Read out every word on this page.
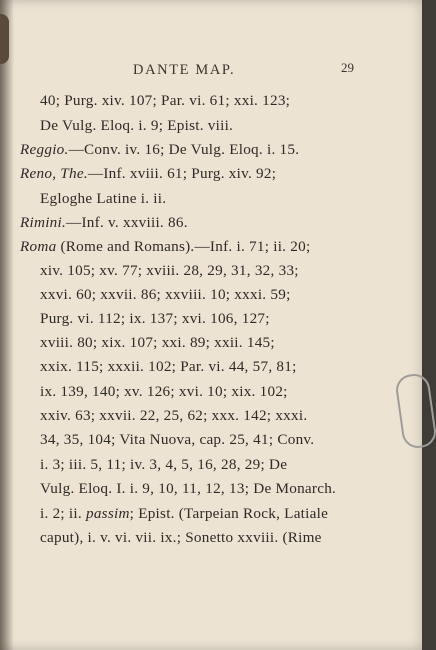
DANTE MAP.	29
40; Purg. xiv. 107; Par. vi. 61; xxi. 123;
De Vulg. Eloq. i. 9; Epist. viii.
Reggio.—Conv. iv. 16; De Vulg. Eloq. i. 15.
Reno, The.—Inf. xviii. 61; Purg. xiv. 92;
Egloghe Latine i. ii.
Rimini.—Inf. v. xxviii. 86.
Roma (Rome and Romans).—Inf. i. 71; ii. 20;
xiv. 105; xv. 77; xviii. 28, 29, 31, 32, 33;
xxvi. 60; xxvii. 86; xxviii. 10; xxxi. 59;
Purg. vi. 112; ix. 137; xvi. 106, 127;
xviii. 80; xix. 107; xxi. 89; xxii. 145;
xxix. 115; xxxii. 102; Par. vi. 44, 57, 81;
ix. 139, 140; xv. 126; xvi. 10; xix. 102;
xxiv. 63; xxvii. 22, 25, 62; xxx. 142; xxxi.
34, 35, 104; Vita Nuova, cap. 25, 41; Conv.
i. 3; iii. 5, 11; iv. 3, 4, 5, 16, 28, 29; De
Vulg. Eloq. I. i. 9, 10, 11, 12, 13; De Monarch.
i. 2; ii. passim; Epist. (Tarpeian Rock, Latiale
caput), i. v. vi. vii. ix.; Sonetto xxviii. (Rime
